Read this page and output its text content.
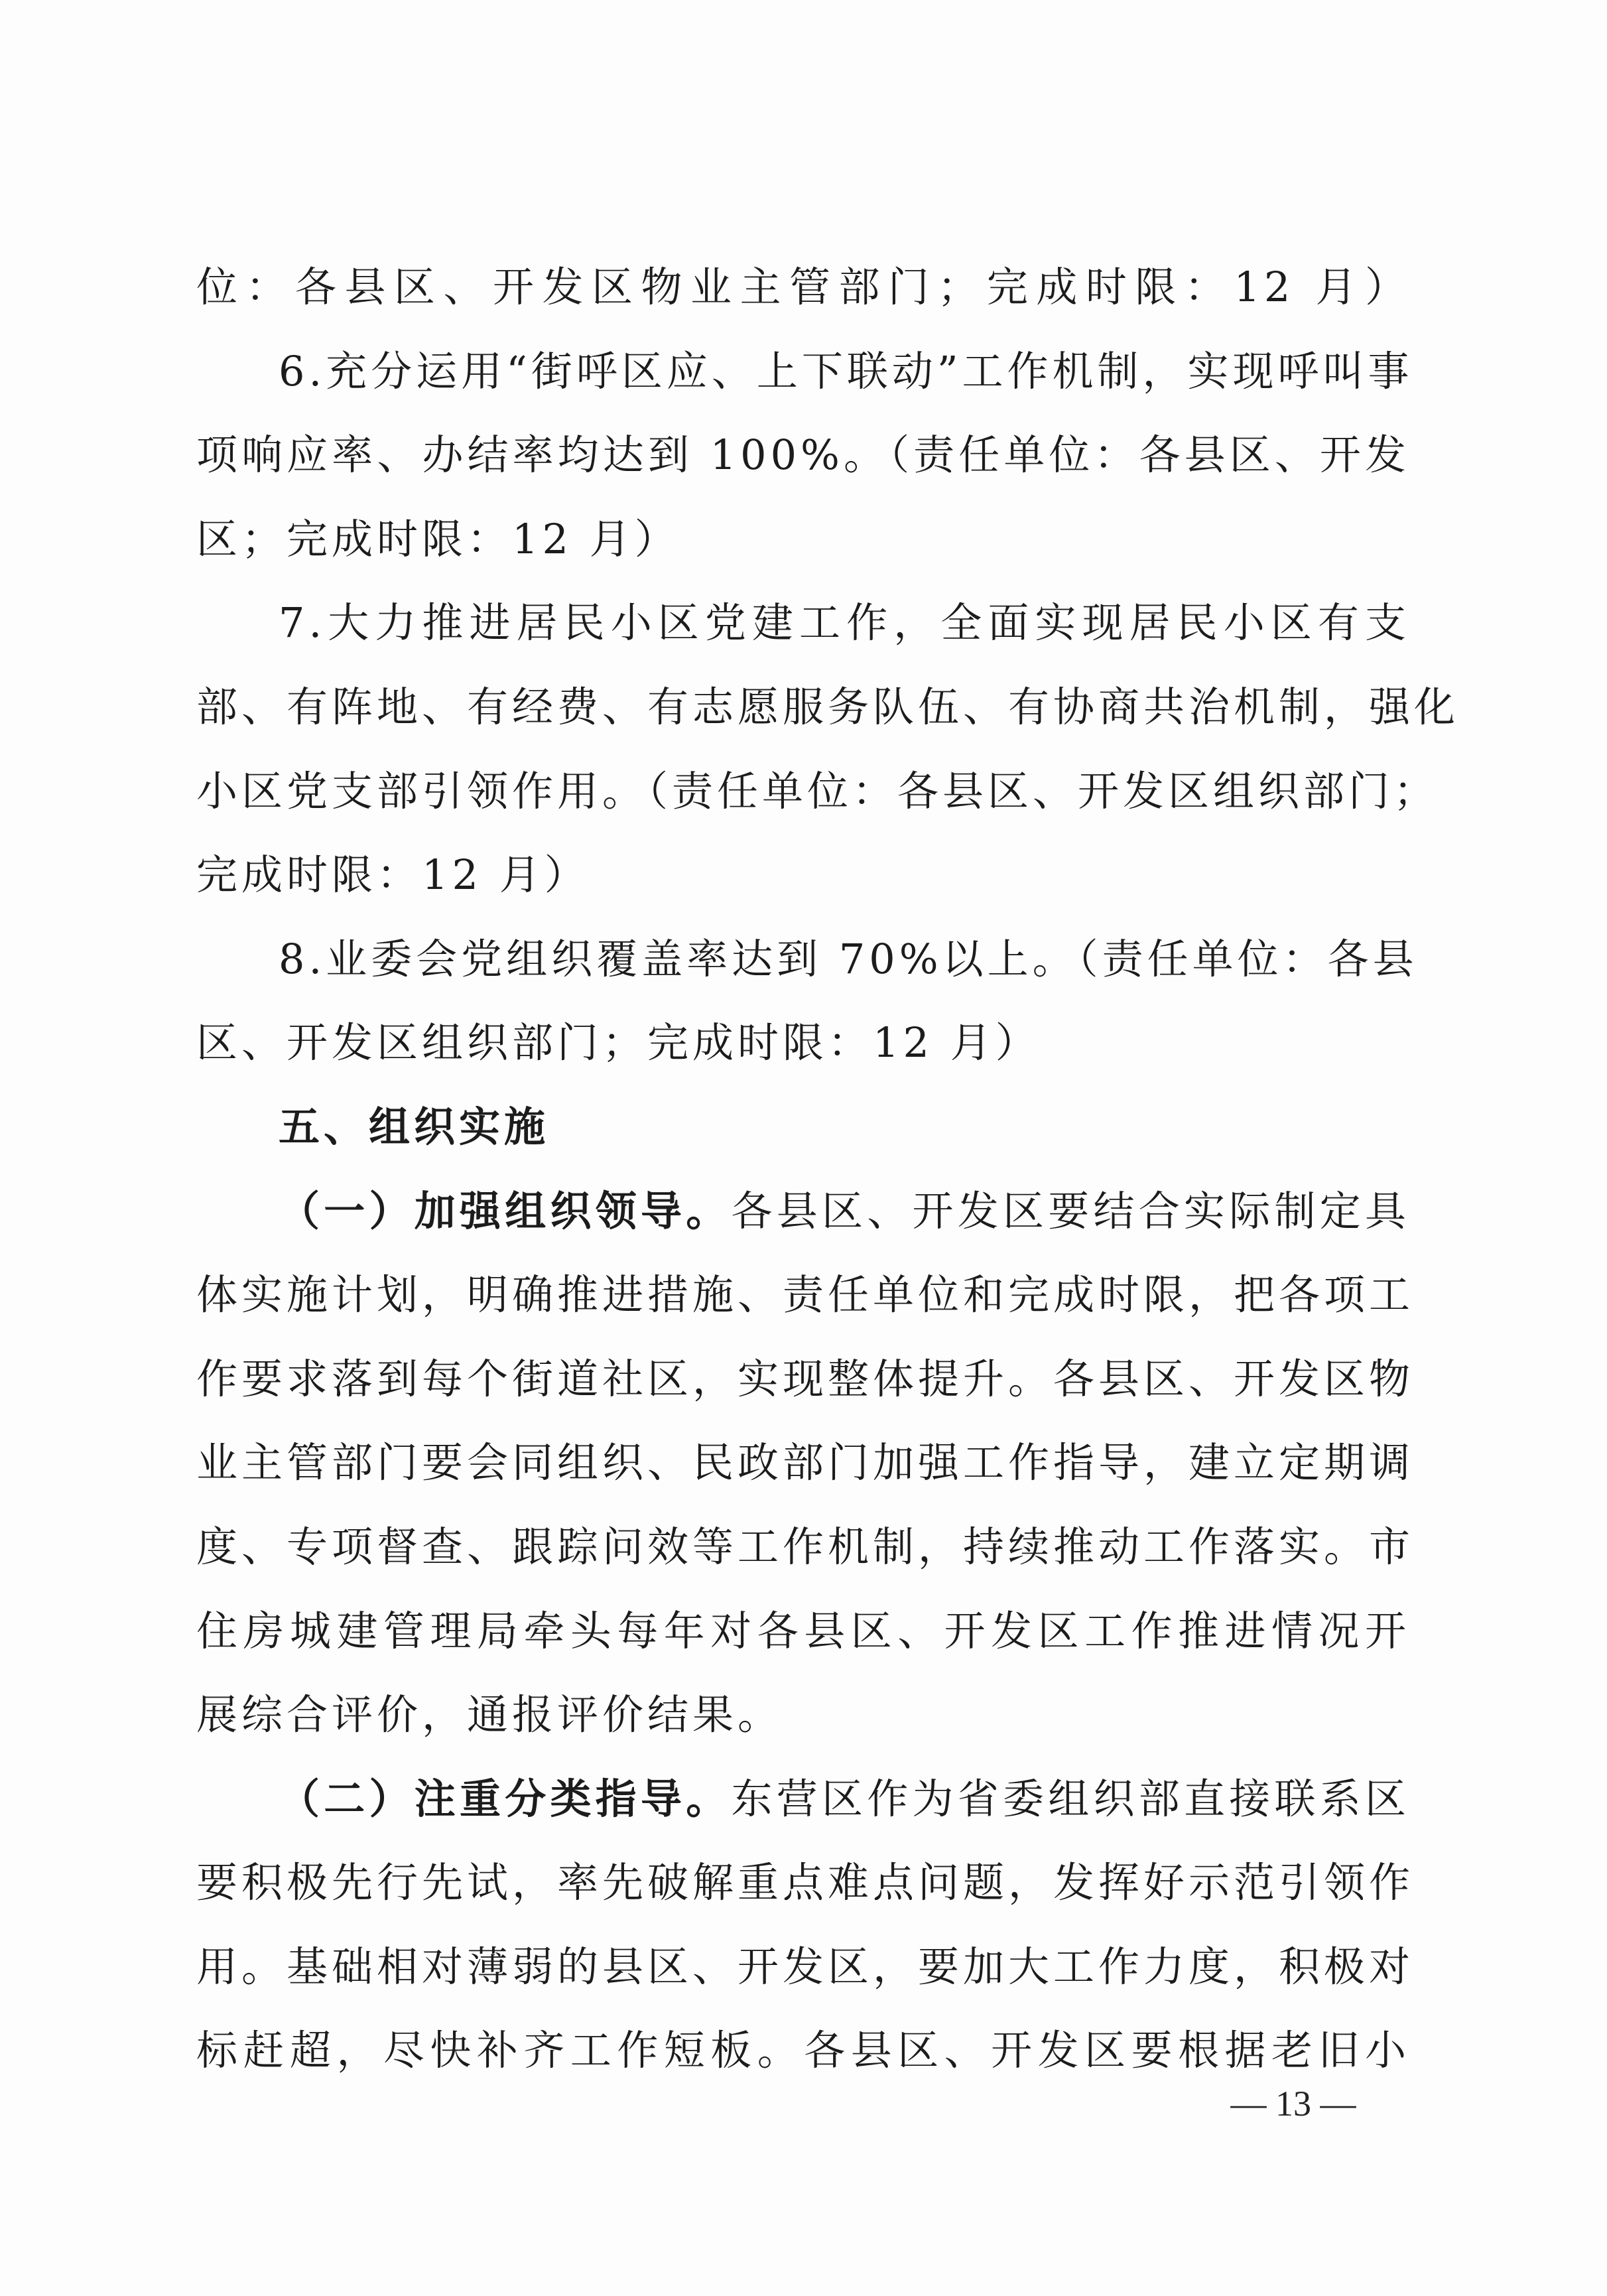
位：各县区、开发区物业主管部门；完成时限：12 月）
6.充分运用“街呼区应、上下联动”工作机制，实现呼叫事
项响应率、办结率均达到 100%。（责任单位：各县区、开发
区；完成时限：12 月）
7.大力推进居民小区党建工作，全面实现居民小区有支
部、有阵地、有经费、有志愿服务队伍、有协商共治机制，强化
小区党支部引领作用。（责任单位：各县区、开发区组织部门；
完成时限：12 月）
8.业委会党组织覆盖率达到 70%以上。（责任单位：各县
区、开发区组织部门；完成时限：12 月）
五、组织实施
（一）加强组织领导。各县区、开发区要结合实际制定具
体实施计划，明确推进措施、责任单位和完成时限，把各项工
作要求落到每个街道社区，实现整体提升。各县区、开发区物
业主管部门要会同组织、民政部门加强工作指导，建立定期调
度、专项督查、跟踪问效等工作机制，持续推动工作落实。市
住房城建管理局牵头每年对各县区、开发区工作推进情况开
展综合评价，通报评价结果。
（二）注重分类指导。东营区作为省委组织部直接联系区
要积极先行先试，率先破解重点难点问题，发挥好示范引领作
用。基础相对薄弱的县区、开发区，要加大工作力度，积极对
标赶超，尽快补齐工作短板。各县区、开发区要根据老旧小
— 13 —
